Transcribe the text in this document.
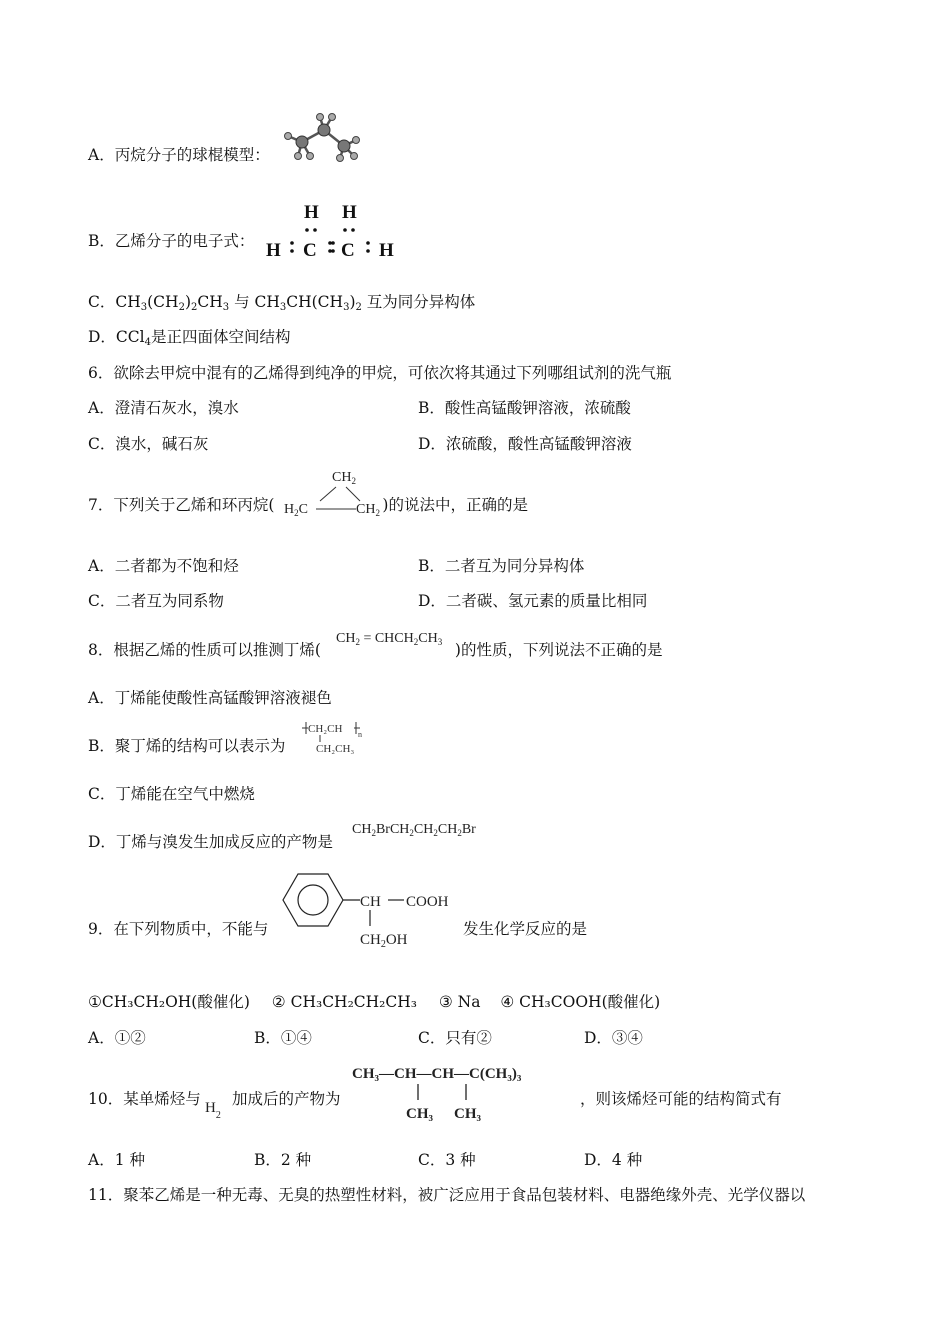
A．丙烷分子的球棍模型：
B．乙烯分子的电子式：
H H
H C C H
C．$CH_3(CH_2)_2CH_3$ 与 $CH_3CH(CH_3)_2$ 互为同分异构体
D．CCl$_4$是正四面体空间结构
6．欲除去甲烷中混有的乙烯得到纯净的甲烷，可依次将其通过下列哪组试剂的洗气瓶
A．澄清石灰水，溴水	B．酸性高锰酸钾溶液，浓硫酸
C．溴水，碱石灰	D．浓硫酸，酸性高锰酸钾溶液
7．下列关于乙烯和环丙烷(	)的说法中，正确的是
$CH_2$
$H_2C$	$CH_2$
A．二者都为不饱和烃	B．二者互为同分异构体
C．二者互为同系物	D．二者碳、氢元素的质量比相同
8．根据乙烯的性质可以推测丁烯(	)的性质，下列说法不正确的是
$CH_2$ = $CHCH_2CH_3$
A．丁烯能使酸性高锰酸钾溶液褪色
B．聚丁烯的结构可以表示为
CH₂CH n
CH₂CH₃
C．丁烯能在空气中燃烧
D．丁烯与溴发生加成反应的产物是
$CH_2BrCH_2CH_2CH_2Br$
9．在下列物质中，不能与
CH COOH
$CH_2OH$
发生化学反应的是
①CH₃CH₂OH(酸催化) ② CH₃CH₂CH₂CH₃ ③ Na ④ CH₃COOH(酸催化)
A．①②	B．①④	C．只有②	D．③④
10．某单烯烃与 $H_2$
加成后的产物为
CH₃—CH—CH—C(CH₃)₃
CH₃ CH₃
，则该烯烃可能的结构简式有
A．1 种	B．2 种	C．3 种	D．4 种
11．聚苯乙烯是一种无毒、无臭的热塑性材料，被广泛应用于食品包装材料、电器绝缘外壳、光学仪器以
